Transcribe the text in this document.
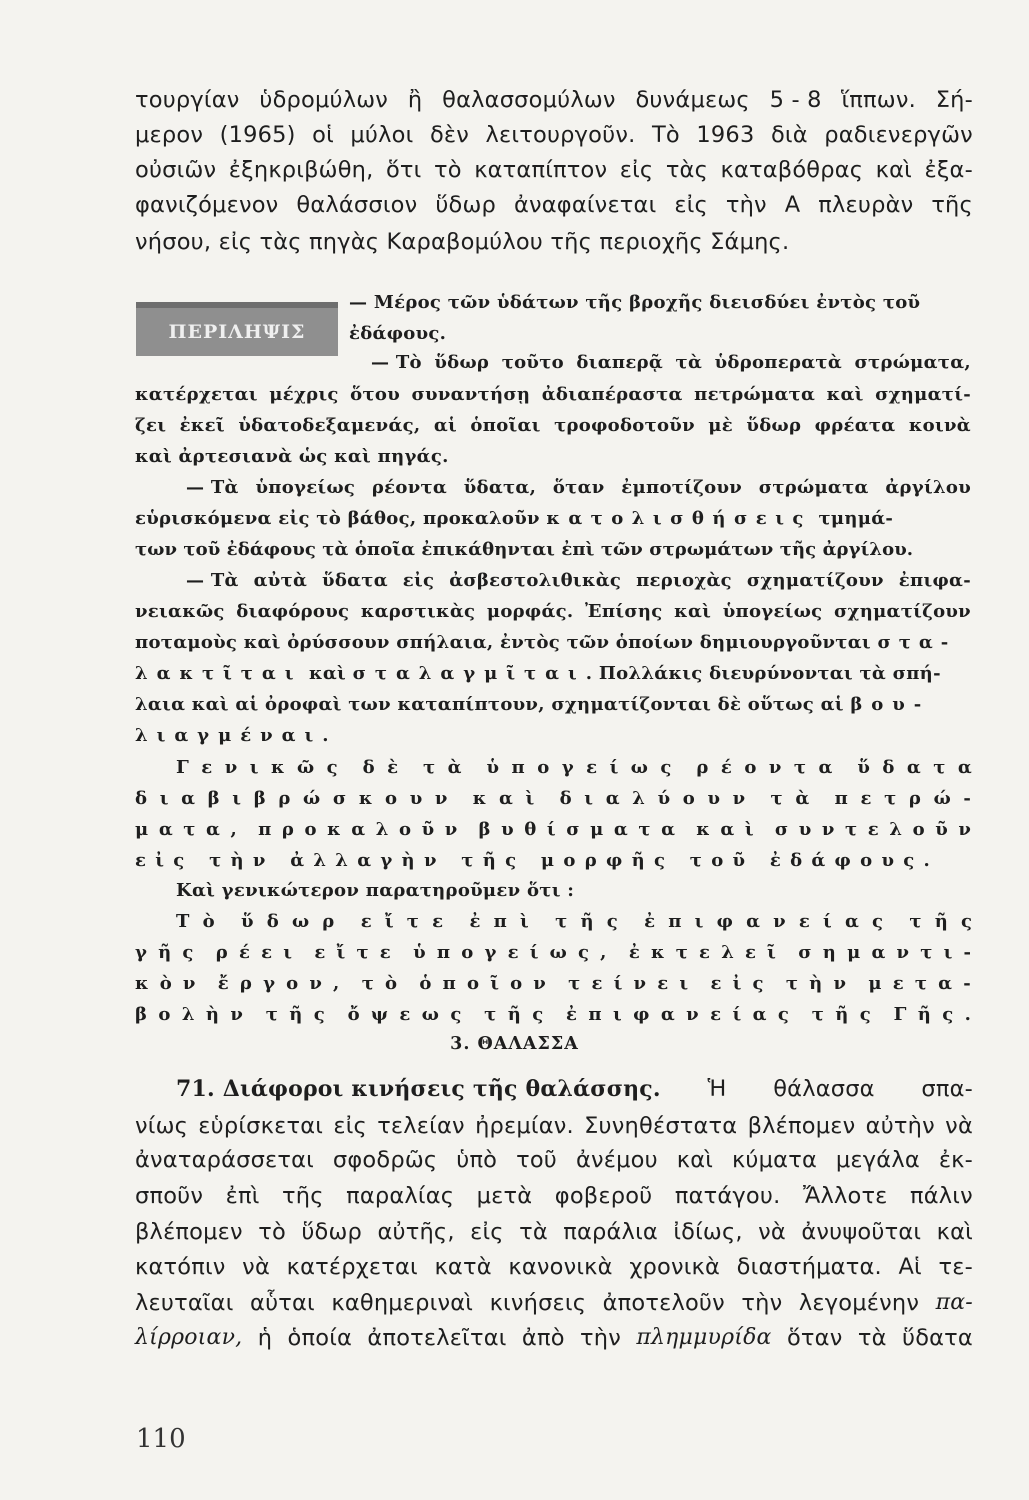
τουργίαν ὑδρομύλων ἢ θαλασσομύλων δυνάμεως 5 - 8 ἵππων. Σή-
μερον (1965) οἱ μύλοι δὲν λειτουργοῦν. Τὸ 1963 διὰ ραδιενεργῶν
οὐσιῶν ἐξηκριβώθη, ὅτι τὸ καταπίπτον εἰς τὰς καταβόθρας καὶ ἐξα-
φανιζόμενον θαλάσσιον ὕδωρ ἀναφαίνεται εἰς τὴν Α πλευρὰν τῆς
νήσου, εἰς τὰς πηγὰς Καραβομύλου τῆς περιοχῆς Σάμης.
ΠΕΡΙΛΗΨΙΣ
— Μέρος τῶν ὑδάτων τῆς βροχῆς διεισδύει ἐντὸς τοῦ
ἐδάφους.
— Τὸ ὕδωρ τοῦτο διαπερᾷ τὰ ὑδροπερατὰ στρώματα,
κατέρχεται μέχρις ὅτου συναντήσῃ ἀδιαπέραστα πετρώματα καὶ σχηματί-
ζει ἐκεῖ ὑδατοδεξαμενάς, αἱ ὁποῖαι τροφοδοτοῦν μὲ ὕδωρ φρέατα κοινὰ
καὶ ἀρτεσιανὰ ὡς καὶ πηγάς.
— Τὰ ὑπογείως ρέοντα ὕδατα, ὅταν ἐμποτίζουν στρώματα ἀργίλου
εὑρισκόμενα εἰς τὸ βάθος, προκαλοῦν κατολισθήσεις τμημά-
των τοῦ ἐδάφους τὰ ὁποῖα ἐπικάθηνται ἐπὶ τῶν στρωμάτων τῆς ἀργίλου.
— Τὰ αὐτὰ ὕδατα εἰς ἀσβεστολιθικὰς περιοχὰς σχηματίζουν ἐπιφα-
νειακῶς διαφόρους καρστικὰς μορφάς. Ἐπίσης καὶ ὑπογείως σχηματίζουν
ποταμοὺς καὶ ὀρύσσουν σπήλαια, ἐντὸς τῶν ὁποίων δημιουργοῦνται στα-
λακτῖται καὶ σταλαγμῖται. Πολλάκις διευρύνονται τὰ σπή-
λαια καὶ αἱ ὀροφαὶ των καταπίπτουν, σχηματίζονται δὲ οὕτως αἱ βου-
λιαγμέναι.
Γ ε ν ι κ ῶ ς δ ὲ τ ὰ ὑ π ο γ ε ί ω ς ρ έ ο ν τ α ὕ δ α τ α
δ ι α β ι β ρ ώ σ κ ο υ ν κ α ὶ δ ι α λ ύ ο υ ν τ ὰ π ε τ ρ ώ -
μ α τ α , π ρ ο κ α λ ο ῦ ν β υ θ ί σ μ α τ α κ α ὶ σ υ ν τ ε λ ο ῦ ν
εἰς τὴν ἀλλαγὴν τῆς μορφῆς τοῦ ἐδάφους.
Καὶ γενικώτερον παρατηροῦμεν ὅτι :
Τ ὸ ὕ δ ω ρ ε ἴ τ ε ἐ π ὶ τ ῆ ς ἐ π ι φ α ν ε ί α ς τ ῆ ς
γ ῆ ς ρ έ ε ι ε ἴ τ ε ὑ π ο γ ε ί ω ς , ἐ κ τ ε λ ε ῖ σ η μ α ν τ ι -
κ ὸ ν ἔ ρ γ ο ν , τ ὸ ὁ π ο ῖ ο ν τ ε ί ν ε ι ε ἰ ς τ ὴ ν μ ε τ α -
β ο λ ὴ ν τ ῆ ς ὄ ψ ε ω ς τ ῆ ς ἐ π ι φ α ν ε ί α ς τ ῆ ς Γ ῆ ς .
3. ΘΑΛΑΣΣΑ
71. Διάφοροι κινήσεις τῆς θαλάσσης. Ἡ θάλασσα σπα-
νίως εὑρίσκεται εἰς τελείαν ἠρεμίαν. Συνηθέστατα βλέπομεν αὐτὴν νὰ
ἀναταράσσεται σφοδρῶς ὑπὸ τοῦ ἀνέμου καὶ κύματα μεγάλα ἐκ-
σποῦν ἐπὶ τῆς παραλίας μετὰ φοβεροῦ πατάγου. Ἄλλοτε πάλιν
βλέπομεν τὸ ὕδωρ αὐτῆς, εἰς τὰ παράλια ἰδίως, νὰ ἀνυψοῦται καὶ
κατόπιν νὰ κατέρχεται κατὰ κανονικὰ χρονικὰ διαστήματα. Αἱ τε-
λευταῖαι αὗται καθημεριναὶ κινήσεις ἀποτελοῦν τὴν λεγομένην πα-
λίρροιαν, ἡ ὁποία ἀποτελεῖται ἀπὸ τὴν πλημμυρίδα ὅταν τὰ ὕδατα
110
